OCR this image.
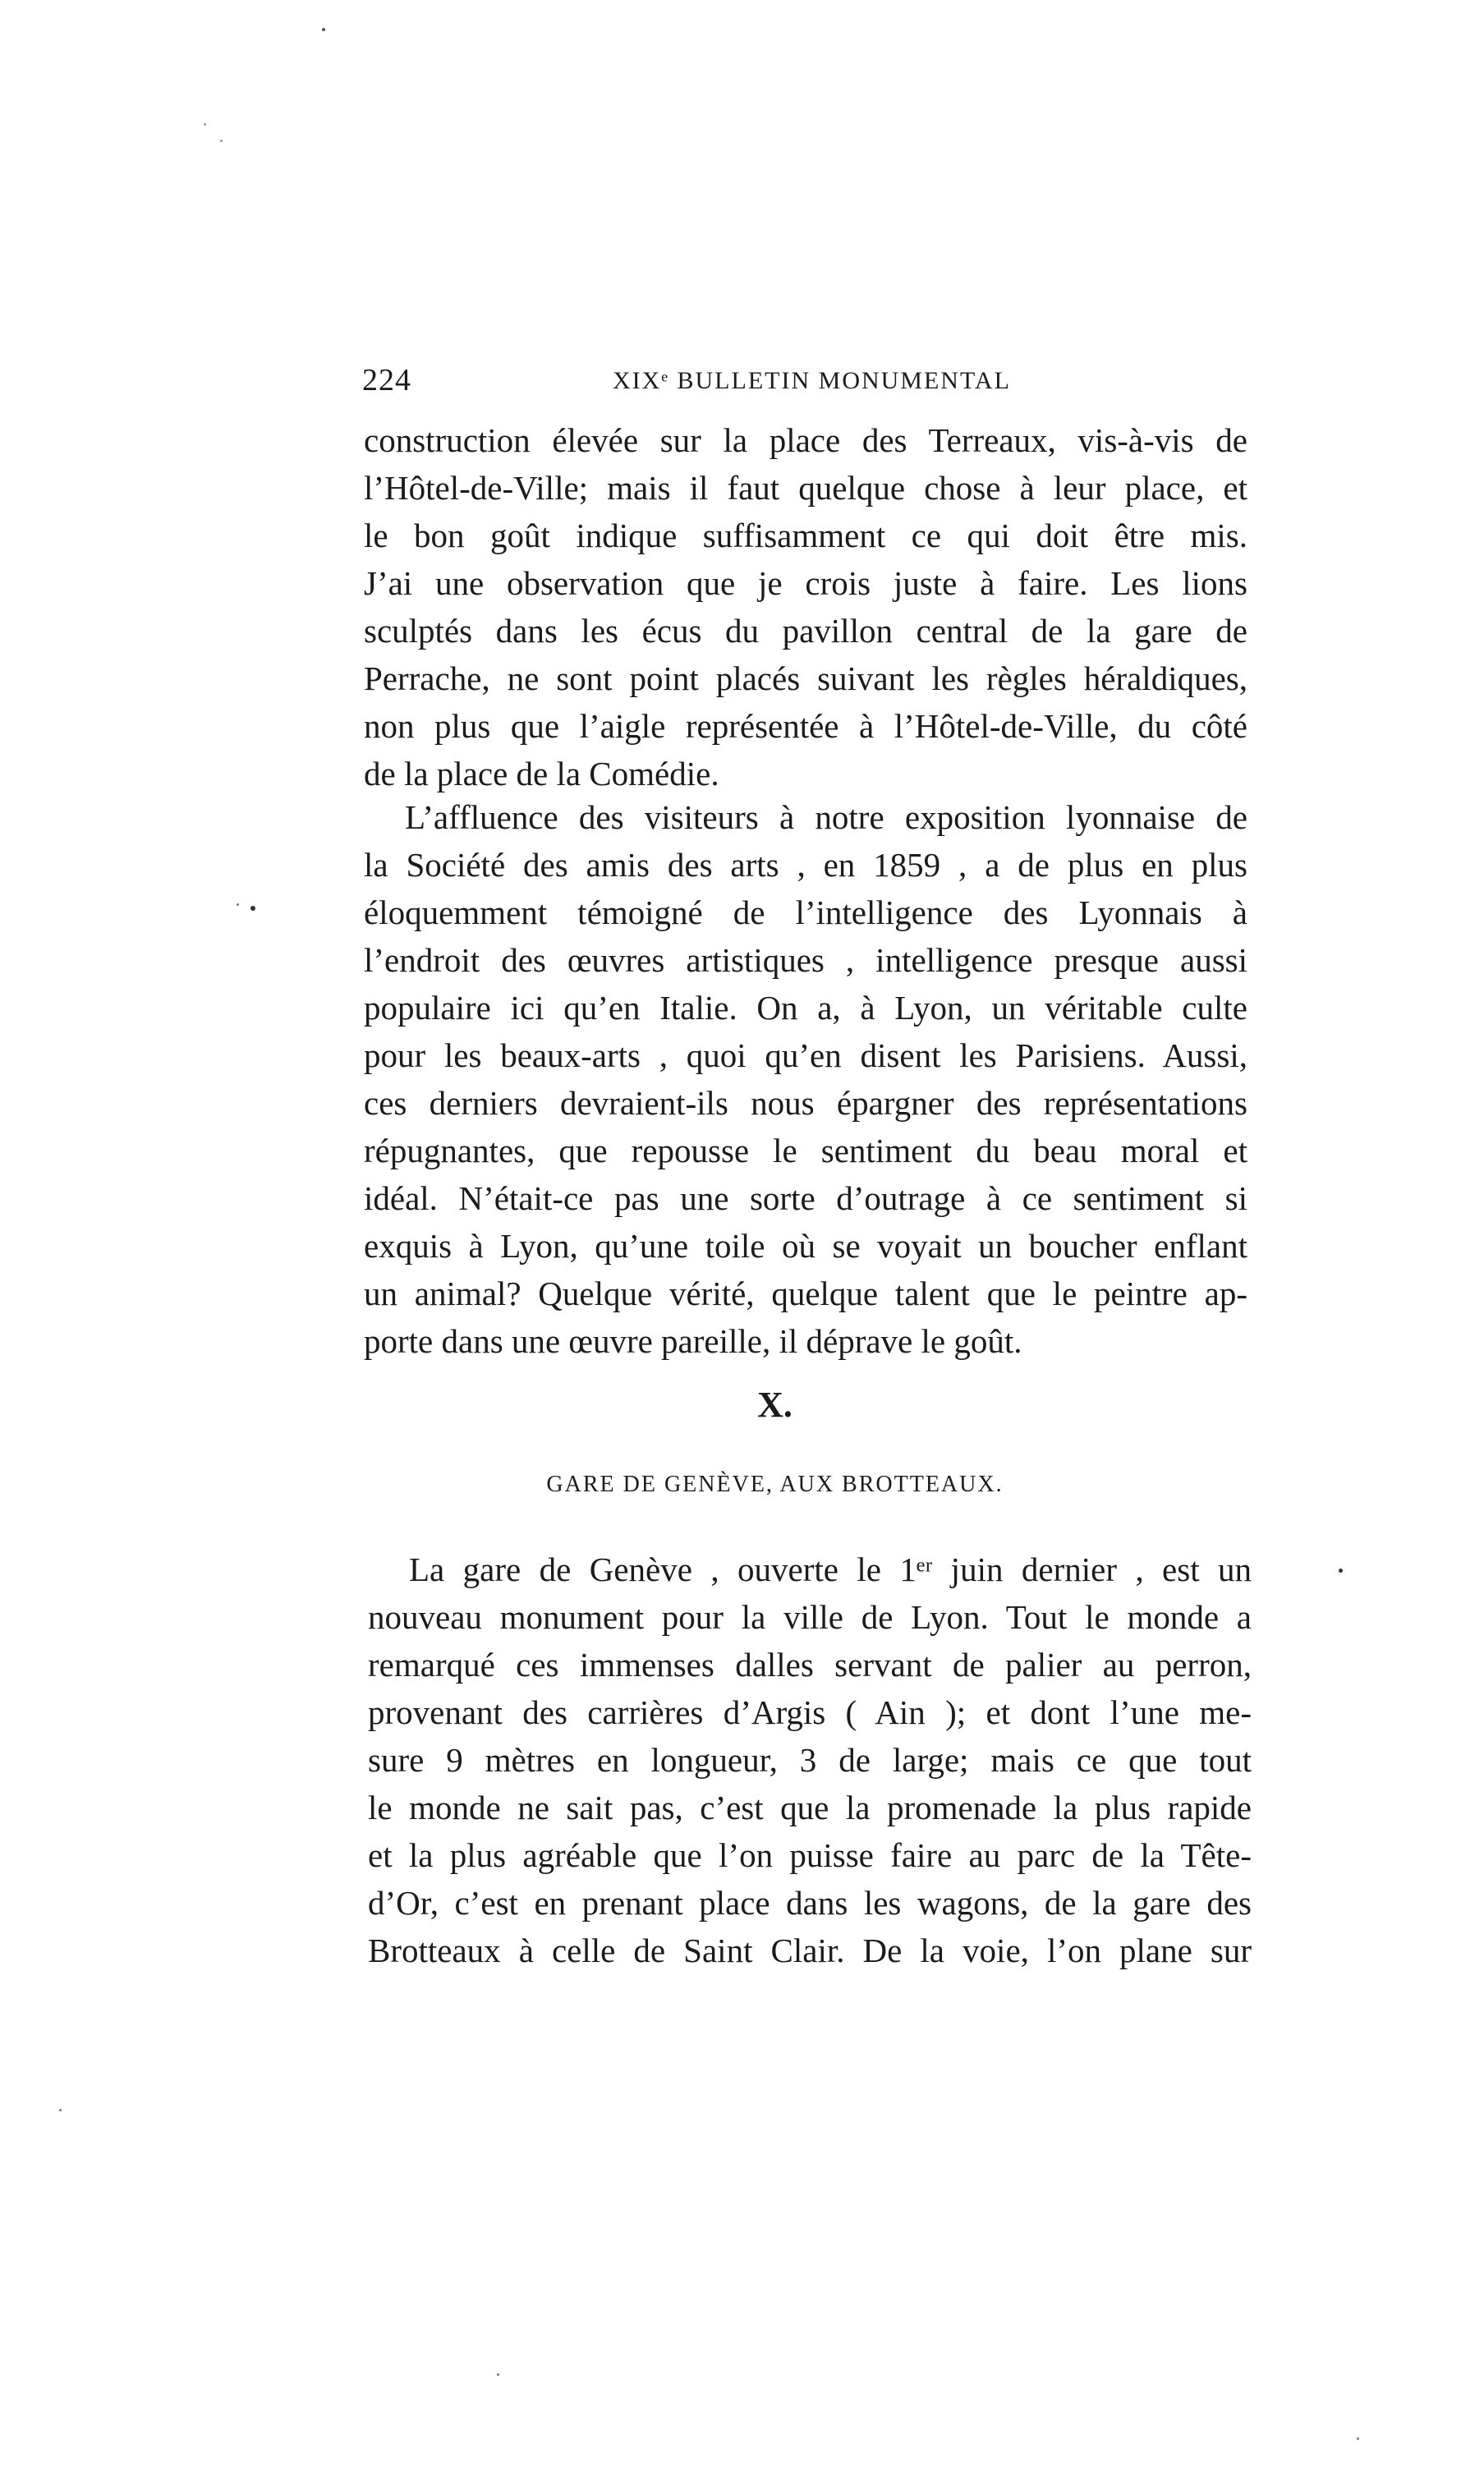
224	XIXᵉ BULLETIN MONUMENTAL
construction élevée sur la place des Terreaux, vis-à-vis de
l’Hôtel-de-Ville; mais il faut quelque chose à leur place, et
le bon goût indique suffisamment ce qui doit être mis.
J’ai une observation que je crois juste à faire. Les lions
sculptés dans les écus du pavillon central de la gare de
Perrache, ne sont point placés suivant les règles héraldiques,
non plus que l’aigle représentée à l’Hôtel-de-Ville, du côté
de la place de la Comédie.
L’affluence des visiteurs à notre exposition lyonnaise de
la Société des amis des arts , en 1859 , a de plus en plus
éloquemment témoigné de l’intelligence des Lyonnais à
l’endroit des œuvres artistiques , intelligence presque aussi
populaire ici qu’en Italie. On a, à Lyon, un véritable culte
pour les beaux-arts , quoi qu’en disent les Parisiens. Aussi,
ces derniers devraient-ils nous épargner des représentations
répugnantes, que repousse le sentiment du beau moral et
idéal. N’était-ce pas une sorte d’outrage à ce sentiment si
exquis à Lyon, qu’une toile où se voyait un boucher enflant
un animal? Quelque vérité, quelque talent que le peintre ap-
porte dans une œuvre pareille, il déprave le goût.
X.
GARE DE GENÈVE, AUX BROTTEAUX.
La gare de Genève , ouverte le 1ᵉʳ juin dernier , est un
nouveau monument pour la ville de Lyon. Tout le monde a
remarqué ces immenses dalles servant de palier au perron,
provenant des carrières d’Argis ( Ain ); et dont l’une me-
sure 9 mètres en longueur, 3 de large; mais ce que tout
le monde ne sait pas, c’est que la promenade la plus rapide
et la plus agréable que l’on puisse faire au parc de la Tête-
d’Or, c’est en prenant place dans les wagons, de la gare des
Brotteaux à celle de Saint Clair. De la voie, l’on plane sur
